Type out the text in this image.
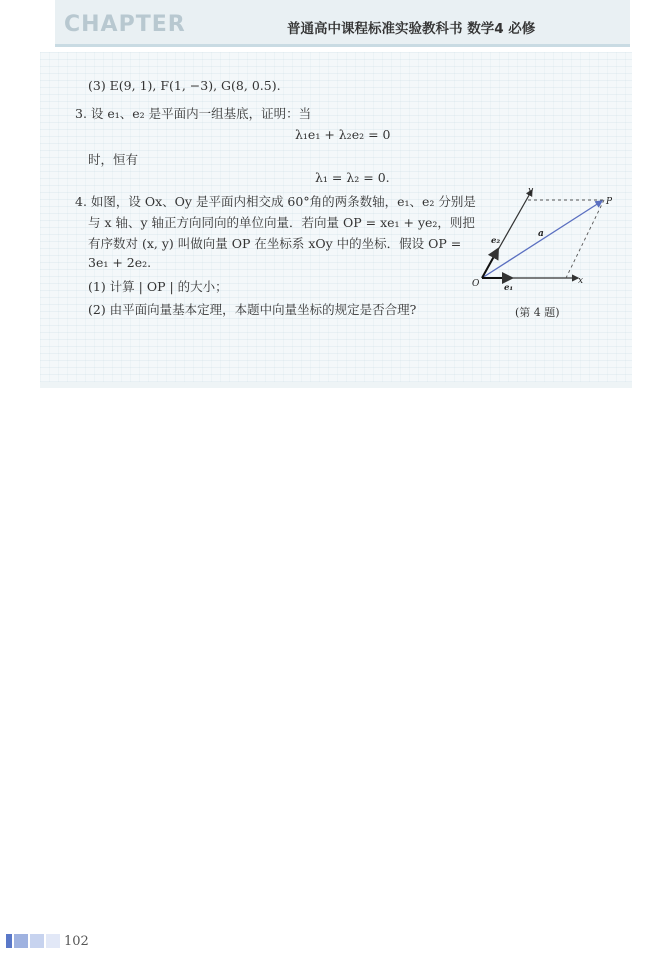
CHAPTER	普通高中课程标准实验教科书 数学4 必修
(3) E(9, 1), F(1, −3), G(8, 0.5).
3. 设 e₁、e₂ 是平面内一组基底，证明：当
λ₁e₁ + λ₂e₂ = 0
时，恒有
λ₁ = λ₂ = 0.
4. 如图，设 Ox、Oy 是平面内相交成 60°角的两条数轴，e₁、e₂ 分别是
与 x 轴、y 轴正方向同向的单位向量．若向量 OP = xe₁ + ye₂，则把
有序数对 (x, y) 叫做向量 OP 在坐标系 xOy 中的坐标．假设 OP =
3e₁ + 2e₂.
(1) 计算 | OP | 的大小；
(2) 由平面向量基本定理，本题中向量坐标的规定是否合理?
y
P
a
e₂
O	e₁
x
(第 4 题)
102
